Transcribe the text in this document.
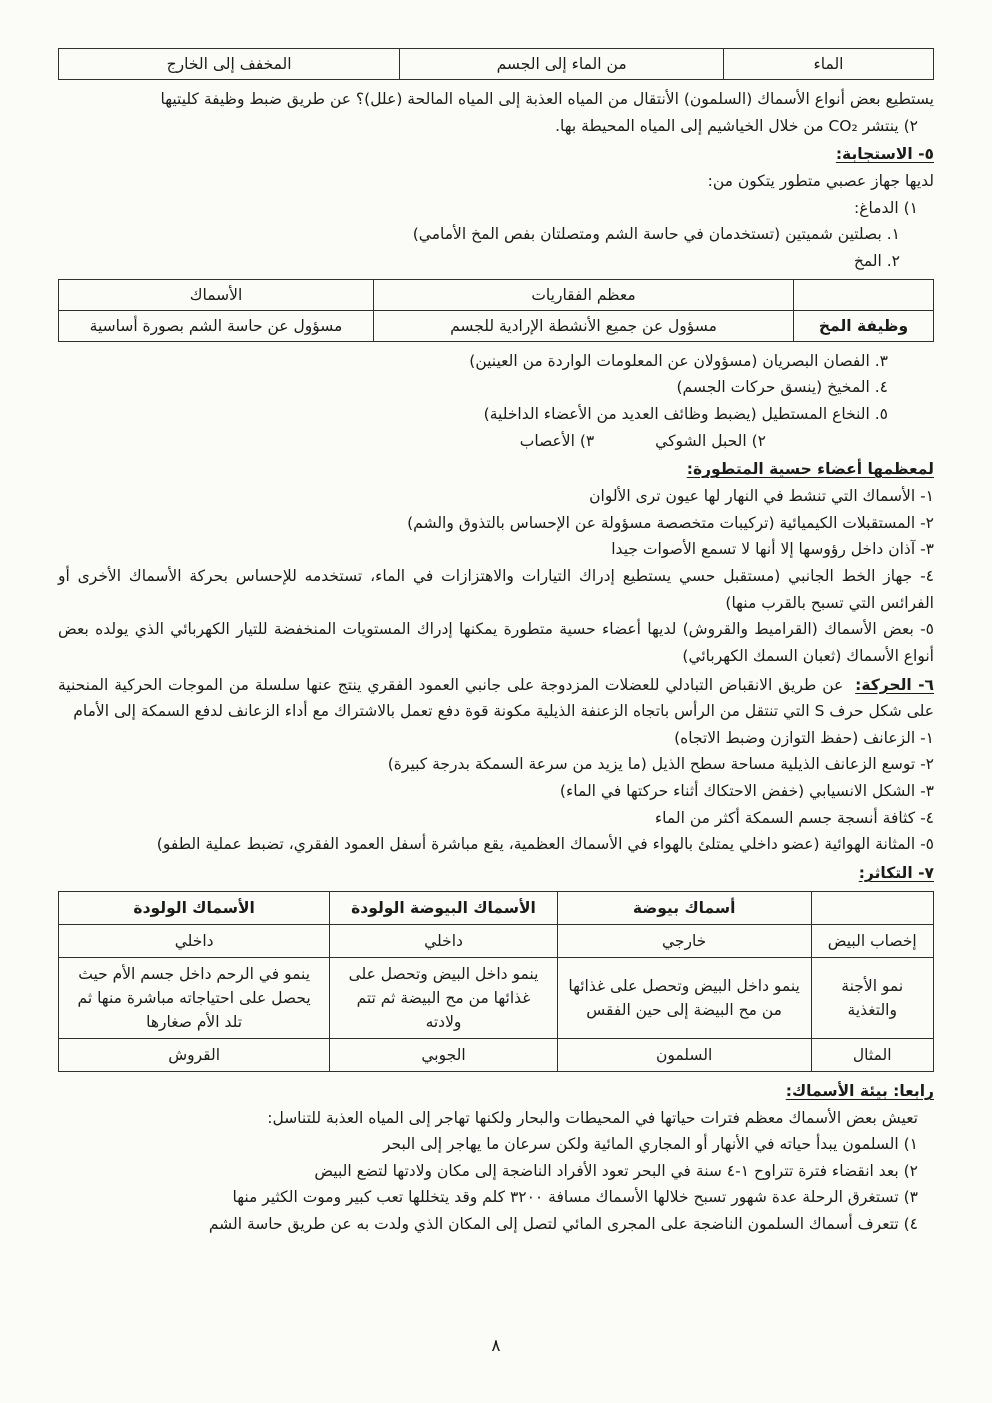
الماء	من الماء إلى الجسم	المخفف إلى الخارج

يستطيع بعض أنواع الأسماك (السلمون) الأنتقال من المياه العذبة إلى المياه المالحة (علل)؟ عن طريق ضبط وظيفة كليتيها

٢) ينتشر CO₂ من خلال الخياشيم إلى المياه المحيطة بها.

٥- الاستجابة:

لديها جهاز عصبي متطور يتكون من:

١) الدماغ:

١. بصلتين شميتين (تستخدمان في حاسة الشم ومتصلتان بفص المخ الأمامي)

٢. المخ

	معظم الفقاريات	الأسماك
وظيفة المخ	مسؤول عن جميع الأنشطة الإرادية للجسم	مسؤول عن حاسة الشم بصورة أساسية

٣. الفصان البصريان (مسؤولان عن المعلومات الواردة من العينين)

٤. المخيخ (ينسق حركات الجسم)

٥. النخاع المستطيل (يضبط وظائف العديد من الأعضاء الداخلية)

٢) الحبل الشوكي ٣) الأعصاب

لمعظمها أعضاء حسية المتطورة:

١- الأسماك التي تنشط في النهار لها عيون ترى الألوان

٢- المستقبلات الكيميائية (تركيبات متخصصة مسؤولة عن الإحساس بالتذوق والشم)

٣- آذان داخل رؤوسها إلا أنها لا تسمع الأصوات جيدا

٤- جهاز الخط الجانبي (مستقبل حسي يستطيع إدراك التيارات والاهتزازات في الماء، تستخدمه للإحساس بحركة الأسماك الأخرى أو الفرائس التي تسبح بالقرب منها)

٥- بعض الأسماك (القراميط والقروش) لديها أعضاء حسية متطورة يمكنها إدراك المستويات المنخفضة للتيار الكهربائي الذي يولده بعض أنواع الأسماك (ثعبان السمك الكهربائي)

٦- الحركة: عن طريق الانقباض التبادلي للعضلات المزدوجة على جانبي العمود الفقري ينتج عنها سلسلة من الموجات الحركية المنحنية على شكل حرف S التي تنتقل من الرأس باتجاه الزعنفة الذيلية مكونة قوة دفع تعمل بالاشتراك مع أداء الزعانف لدفع السمكة إلى الأمام

١- الزعانف (حفظ التوازن وضبط الاتجاه)

٢- توسع الزعانف الذيلية مساحة سطح الذيل (ما يزيد من سرعة السمكة بدرجة كبيرة)

٣- الشكل الانسيابي (خفض الاحتكاك أثناء حركتها في الماء)

٤- كثافة أنسجة جسم السمكة أكثر من الماء

٥- المثانة الهوائية (عضو داخلي يمتلئ بالهواء في الأسماك العظمية، يقع مباشرة أسفل العمود الفقري، تضبط عملية الطفو)

٧- التكاثر:
	أسماك بيوضة	الأسماك البيوضة الولودة	الأسماك الولودة
إخصاب البيض	خارجي	داخلي	داخلي
نمو الأجنة والتغذية	ينمو داخل البيض وتحصل على غذائها من مح البيضة إلى حين الفقس	ينمو داخل البيض وتحصل على غذائها من مح البيضة ثم تتم ولادته	ينمو في الرحم داخل جسم الأم حيث يحصل على احتياجاته مباشرة منها ثم تلد الأم صغارها
المثال	السلمون	الجوبي	القروش
رابعا: بيئة الأسماك:

تعيش بعض الأسماك معظم فترات حياتها في المحيطات والبحار ولكنها تهاجر إلى المياه العذبة للتناسل:

١) السلمون يبدأ حياته في الأنهار أو المجاري المائية ولكن سرعان ما يهاجر إلى البحر

٢) بعد انقضاء فترة تتراوح ١-٤ سنة في البحر تعود الأفراد الناضجة إلى مكان ولادتها لتضع البيض

٣) تستغرق الرحلة عدة شهور تسبح خلالها الأسماك مسافة ٣٢٠٠ كلم وقد يتخللها تعب كبير وموت الكثير منها

٤) تتعرف أسماك السلمون الناضجة على المجرى المائي لتصل إلى المكان الذي ولدت به عن طريق حاسة الشم

٨
